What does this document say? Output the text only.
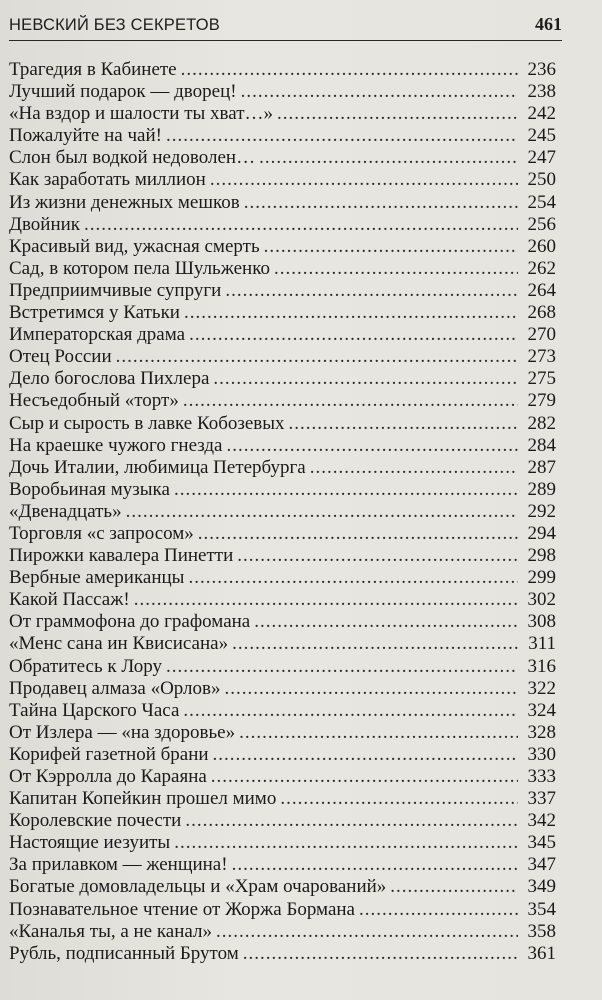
НЕВСКИЙ БЕЗ СЕКРЕТОВ	461
Трагедия в Кабинете .....	236
Лучший подарок — дворец! .....	238
«На вздор и шалости ты хват…» .....	242
Пожалуйте на чай! .....	245
Слон был водкой недоволен… .....	247
Как заработать миллион .....	250
Из жизни денежных мешков .....	254
Двойник .....	256
Красивый вид, ужасная смерть .....	260
Сад, в котором пела Шульженко .....	262
Предприимчивые супруги .....	264
Встретимся у Катьки .....	268
Императорская драма .....	270
Отец России .....	273
Дело богослова Пихлера .....	275
Несъедобный «торт» .....	279
Сыр и сырость в лавке Кобозевых .....	282
На краешке чужого гнезда .....	284
Дочь Италии, любимица Петербурга .....	287
Воробьиная музыка .....	289
«Двенадцать» .....	292
Торговля «с запросом» .....	294
Пирожки кавалера Пинетти .....	298
Вербные американцы .....	299
Какой Пассаж! .....	302
От граммофона до графомана .....	308
«Менс сана ин Квисисана» .....	311
Обратитесь к Лору .....	316
Продавец алмаза «Орлов» .....	322
Тайна Царского Часа .....	324
От Излера — «на здоровье» .....	328
Корифей газетной брани .....	330
От Кэрролла до Караяна .....	333
Капитан Копейкин прошел мимо .....	337
Королевские почести .....	342
Настоящие иезуиты .....	345
За прилавком — женщина! .....	347
Богатые домовладельцы и «Храм очарований» .....	349
Познавательное чтение от Жоржа Бормана .....	354
«Каналья ты, а не канал» .....	358
Рубль, подписанный Брутом .....	361
